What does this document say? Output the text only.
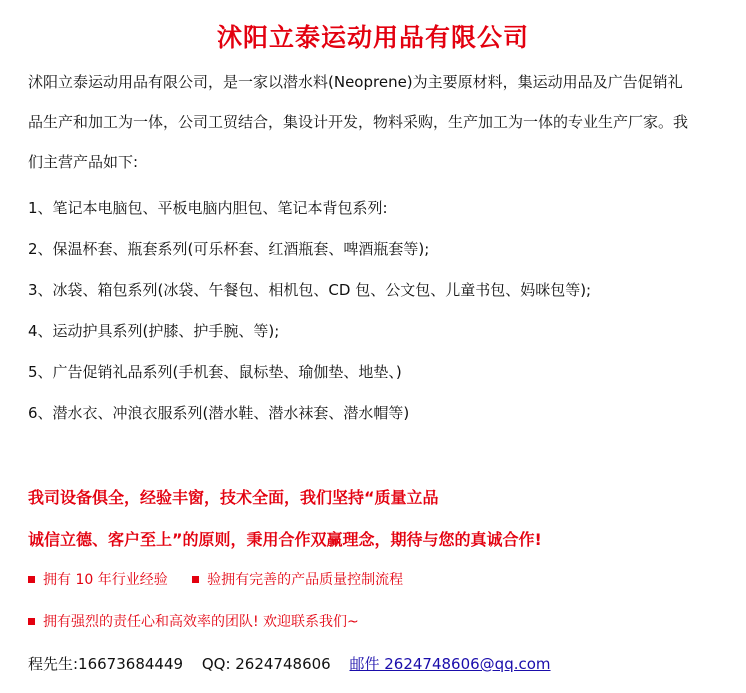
沭阳立泰运动用品有限公司
沭阳立泰运动用品有限公司，是一家以潜水料(Neoprene)为主要原材料，集运动用品及广告促销礼
品生产和加工为一体，公司工贸结合，集设计开发，物料采购，生产加工为一体的专业生产厂家。我
们主营产品如下:
1、笔记本电脑包、平板电脑内胆包、笔记本背包系列:
2、保温杯套、瓶套系列(可乐杯套、红酒瓶套、啤酒瓶套等);
3、冰袋、箱包系列(冰袋、午餐包、相机包、CD 包、公文包、儿童书包、妈咪包等);
4、运动护具系列(护膝、护手腕、等);
5、广告促销礼品系列(手机套、鼠标垫、瑜伽垫、地垫、)
6、潜水衣、冲浪衣服系列(潜水鞋、潜水袜套、潜水帽等)
我司设备俱全，经验丰窗，技术全面，我们坚持“质量立品
诚信立德、客户至上”的原则，秉用合作双赢理念，期待与您的真诚合作!
拥有 10 年行业经验	验拥有完善的产品质量控制流程
拥有强烈的责任心和高效率的团队! 欢迎联系我们~
程先生:16673684449 QQ: 2624748606 邮件 2624748606@qq.com
